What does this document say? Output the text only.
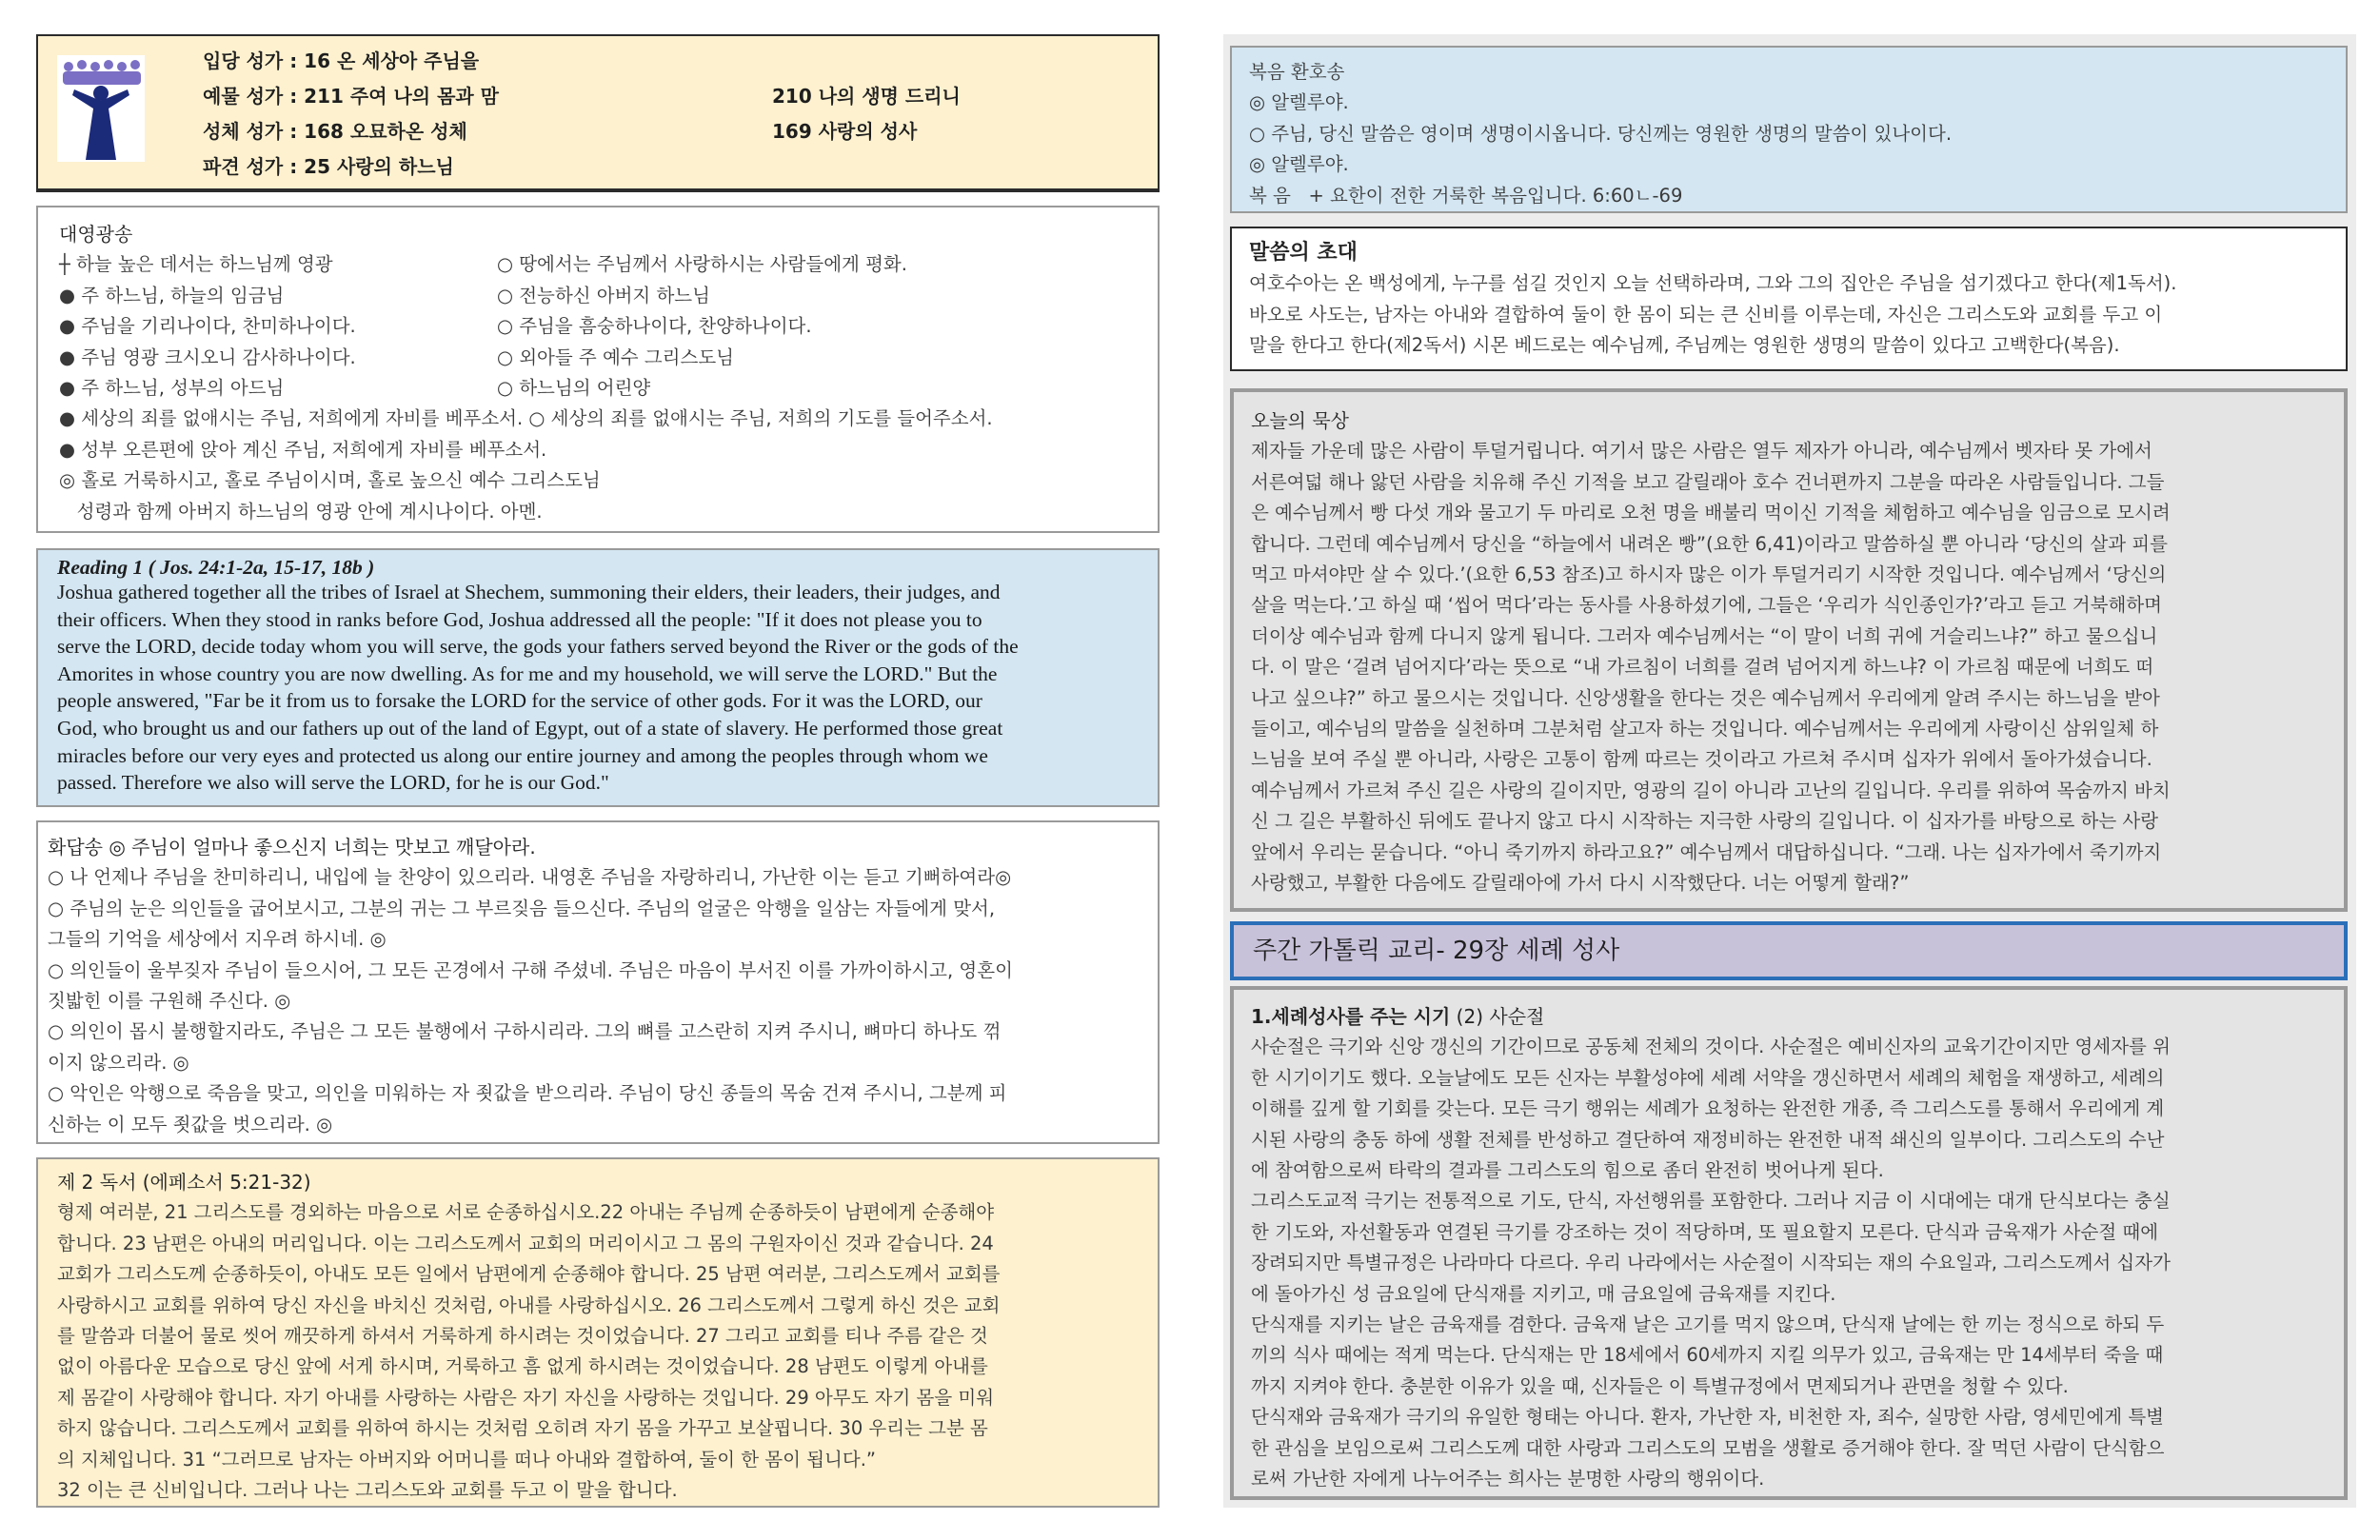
입당 성가 : 16 온 세상아 주님을
예물 성가 : 211 주여 나의 몸과 맘	210 나의 생명 드리니
성체 성가 : 168 오묘하온 성체	169 사랑의 성사
파견 성가 : 25 사랑의 하느님

대영광송

┼ 하늘 높은 데서는 하느님께 영광	○ 땅에서는 주님께서 사랑하시는 사람들에게 평화.
● 주 하느님, 하늘의 임금님	○ 전능하신 아버지 하느님
● 주님을 기리나이다, 찬미하나이다.	○ 주님을 흠숭하나이다, 찬양하나이다.
● 주님 영광 크시오니 감사하나이다.	○ 외아들 주 예수 그리스도님
● 주 하느님, 성부의 아드님	○ 하느님의 어린양

● 세상의 죄를 없애시는 주님, 저희에게 자비를 베푸소서. ○ 세상의 죄를 없애시는 주님, 저희의 기도를 들어주소서.

● 성부 오른편에 앉아 계신 주님, 저희에게 자비를 베푸소서.

◎ 홀로 거룩하시고, 홀로 주님이시며, 홀로 높으신 예수 그리스도님

성령과 함께 아버지 하느님의 영광 안에 계시나이다. 아멘.

Reading 1 ( Jos. 24:1-2a, 15-17, 18b )

Joshua gathered together all the tribes of Israel at Shechem, summoning their elders, their leaders, their judges, and

their officers. When they stood in ranks before God, Joshua addressed all the people: "If it does not please you to

serve the LORD, decide today whom you will serve, the gods your fathers served beyond the River or the gods of the

Amorites in whose country you are now dwelling. As for me and my household, we will serve the LORD." But the

people answered, "Far be it from us to forsake the LORD for the service of other gods. For it was the LORD, our

God, who brought us and our fathers up out of the land of Egypt, out of a state of slavery. He performed those great

miracles before our very eyes and protected us along our entire journey and among the peoples through whom we

passed. Therefore we also will serve the LORD, for he is our God."

화답송 ◎ 주님이 얼마나 좋으신지 너희는 맛보고 깨달아라.

○ 나 언제나 주님을 찬미하리니, 내입에 늘 찬양이 있으리라. 내영혼 주님을 자랑하리니, 가난한 이는 듣고 기뻐하여라◎

○ 주님의 눈은 의인들을 굽어보시고, 그분의 귀는 그 부르짖음 들으신다. 주님의 얼굴은 악행을 일삼는 자들에게 맞서,

그들의 기억을 세상에서 지우려 하시네. ◎

○ 의인들이 울부짖자 주님이 들으시어, 그 모든 곤경에서 구해 주셨네. 주님은 마음이 부서진 이를 가까이하시고, 영혼이

짓밟힌 이를 구원해 주신다. ◎

○ 의인이 몹시 불행할지라도, 주님은 그 모든 불행에서 구하시리라. 그의 뼈를 고스란히 지켜 주시니, 뼈마디 하나도 꺾

이지 않으리라. ◎

○ 악인은 악행으로 죽음을 맞고, 의인을 미워하는 자 죗값을 받으리라. 주님이 당신 종들의 목숨 건져 주시니, 그분께 피

신하는 이 모두 죗값을 벗으리라. ◎

제 2 독서 (에페소서 5:21-32)

형제 여러분, 21 그리스도를 경외하는 마음으로 서로 순종하십시오.22 아내는 주님께 순종하듯이 남편에게 순종해야

합니다. 23 남편은 아내의 머리입니다. 이는 그리스도께서 교회의 머리이시고 그 몸의 구원자이신 것과 같습니다. 24

교회가 그리스도께 순종하듯이, 아내도 모든 일에서 남편에게 순종해야 합니다. 25 남편 여러분, 그리스도께서 교회를

사랑하시고 교회를 위하여 당신 자신을 바치신 것처럼, 아내를 사랑하십시오. 26 그리스도께서 그렇게 하신 것은 교회

를 말씀과 더불어 물로 씻어 깨끗하게 하셔서 거룩하게 하시려는 것이었습니다. 27 그리고 교회를 티나 주름 같은 것

없이 아름다운 모습으로 당신 앞에 서게 하시며, 거룩하고 흠 없게 하시려는 것이었습니다. 28 남편도 이렇게 아내를

제 몸같이 사랑해야 합니다. 자기 아내를 사랑하는 사람은 자기 자신을 사랑하는 것입니다. 29 아무도 자기 몸을 미워

하지 않습니다. 그리스도께서 교회를 위하여 하시는 것처럼 오히려 자기 몸을 가꾸고 보살핍니다. 30 우리는 그분 몸

의 지체입니다. 31 “그러므로 남자는 아버지와 어머니를 떠나 아내와 결합하여, 둘이 한 몸이 됩니다.”

32 이는 큰 신비입니다. 그러나 나는 그리스도와 교회를 두고 이 말을 합니다.

복음 환호송

◎ 알렐루야.

○ 주님, 당신 말씀은 영이며 생명이시옵니다. 당신께는 영원한 생명의 말씀이 있나이다.

◎ 알렐루야.

복 음   + 요한이 전한 거룩한 복음입니다. 6:60ㄴ-69

말씀의 초대

여호수아는 온 백성에게, 누구를 섬길 것인지 오늘 선택하라며, 그와 그의 집안은 주님을 섬기겠다고 한다(제1독서).

바오로 사도는, 남자는 아내와 결합하여 둘이 한 몸이 되는 큰 신비를 이루는데, 자신은 그리스도와 교회를 두고 이

말을 한다고 한다(제2독서) 시몬 베드로는 예수님께, 주님께는 영원한 생명의 말씀이 있다고 고백한다(복음).

오늘의 묵상

제자들 가운데 많은 사람이 투덜거립니다. 여기서 많은 사람은 열두 제자가 아니라, 예수님께서 벳자타 못 가에서

서른여덟 해나 앓던 사람을 치유해 주신 기적을 보고 갈릴래아 호수 건너편까지 그분을 따라온 사람들입니다. 그들

은 예수님께서 빵 다섯 개와 물고기 두 마리로 오천 명을 배불리 먹이신 기적을 체험하고 예수님을 임금으로 모시려

합니다. 그런데 예수님께서 당신을 “하늘에서 내려온 빵”(요한 6,41)이라고 말씀하실 뿐 아니라 ‘당신의 살과 피를

먹고 마셔야만 살 수 있다.’(요한 6,53 참조)고 하시자 많은 이가 투덜거리기 시작한 것입니다. 예수님께서 ‘당신의

살을 먹는다.’고 하실 때 ‘씹어 먹다’라는 동사를 사용하셨기에, 그들은 ‘우리가 식인종인가?’라고 듣고 거북해하며

더이상 예수님과 함께 다니지 않게 됩니다. 그러자 예수님께서는 “이 말이 너희 귀에 거슬리느냐?” 하고 물으십니

다. 이 말은 ‘걸려 넘어지다’라는 뜻으로 “내 가르침이 너희를 걸려 넘어지게 하느냐? 이 가르침 때문에 너희도 떠

나고 싶으냐?” 하고 물으시는 것입니다. 신앙생활을 한다는 것은 예수님께서 우리에게 알려 주시는 하느님을 받아

들이고, 예수님의 말씀을 실천하며 그분처럼 살고자 하는 것입니다. 예수님께서는 우리에게 사랑이신 삼위일체 하

느님을 보여 주실 뿐 아니라, 사랑은 고통이 함께 따르는 것이라고 가르쳐 주시며 십자가 위에서 돌아가셨습니다.

예수님께서 가르쳐 주신 길은 사랑의 길이지만, 영광의 길이 아니라 고난의 길입니다. 우리를 위하여 목숨까지 바치

신 그 길은 부활하신 뒤에도 끝나지 않고 다시 시작하는 지극한 사랑의 길입니다. 이 십자가를 바탕으로 하는 사랑

앞에서 우리는 묻습니다. “아니 죽기까지 하라고요?” 예수님께서 대답하십니다. “그래. 나는 십자가에서 죽기까지

사랑했고, 부활한 다음에도 갈릴래아에 가서 다시 시작했단다. 너는 어떻게 할래?”

주간 가톨릭 교리- 29장 세례 성사

1.세례성사를 주는 시기 (2) 사순절

사순절은 극기와 신앙 갱신의 기간이므로 공동체 전체의 것이다. 사순절은 예비신자의 교육기간이지만 영세자를 위

한 시기이기도 했다. 오늘날에도 모든 신자는 부활성야에 세례 서약을 갱신하면서 세례의 체험을 재생하고, 세례의

이해를 깊게 할 기회를 갖는다. 모든 극기 행위는 세례가 요청하는 완전한 개종, 즉 그리스도를 통해서 우리에게 계

시된 사랑의 충동 하에 생활 전체를 반성하고 결단하여 재정비하는 완전한 내적 쇄신의 일부이다. 그리스도의 수난

에 참여함으로써 타락의 결과를 그리스도의 힘으로 좀더 완전히 벗어나게 된다.

그리스도교적 극기는 전통적으로 기도, 단식, 자선행위를 포함한다. 그러나 지금 이 시대에는 대개 단식보다는 충실

한 기도와, 자선활동과 연결된 극기를 강조하는 것이 적당하며, 또 필요할지 모른다. 단식과 금육재가 사순절 때에

장려되지만 특별규정은 나라마다 다르다. 우리 나라에서는 사순절이 시작되는 재의 수요일과, 그리스도께서 십자가

에 돌아가신 성 금요일에 단식재를 지키고, 매 금요일에 금육재를 지킨다.

단식재를 지키는 날은 금육재를 겸한다. 금육재 날은 고기를 먹지 않으며, 단식재 날에는 한 끼는 정식으로 하되 두

끼의 식사 때에는 적게 먹는다. 단식재는 만 18세에서 60세까지 지킬 의무가 있고, 금육재는 만 14세부터 죽을 때

까지 지켜야 한다. 충분한 이유가 있을 때, 신자들은 이 특별규정에서 면제되거나 관면을 청할 수 있다.

단식재와 금육재가 극기의 유일한 형태는 아니다. 환자, 가난한 자, 비천한 자, 죄수, 실망한 사람, 영세민에게 특별

한 관심을 보임으로써 그리스도께 대한 사랑과 그리스도의 모범을 생활로 증거해야 한다. 잘 먹던 사람이 단식함으

로써 가난한 자에게 나누어주는 희사는 분명한 사랑의 행위이다.
